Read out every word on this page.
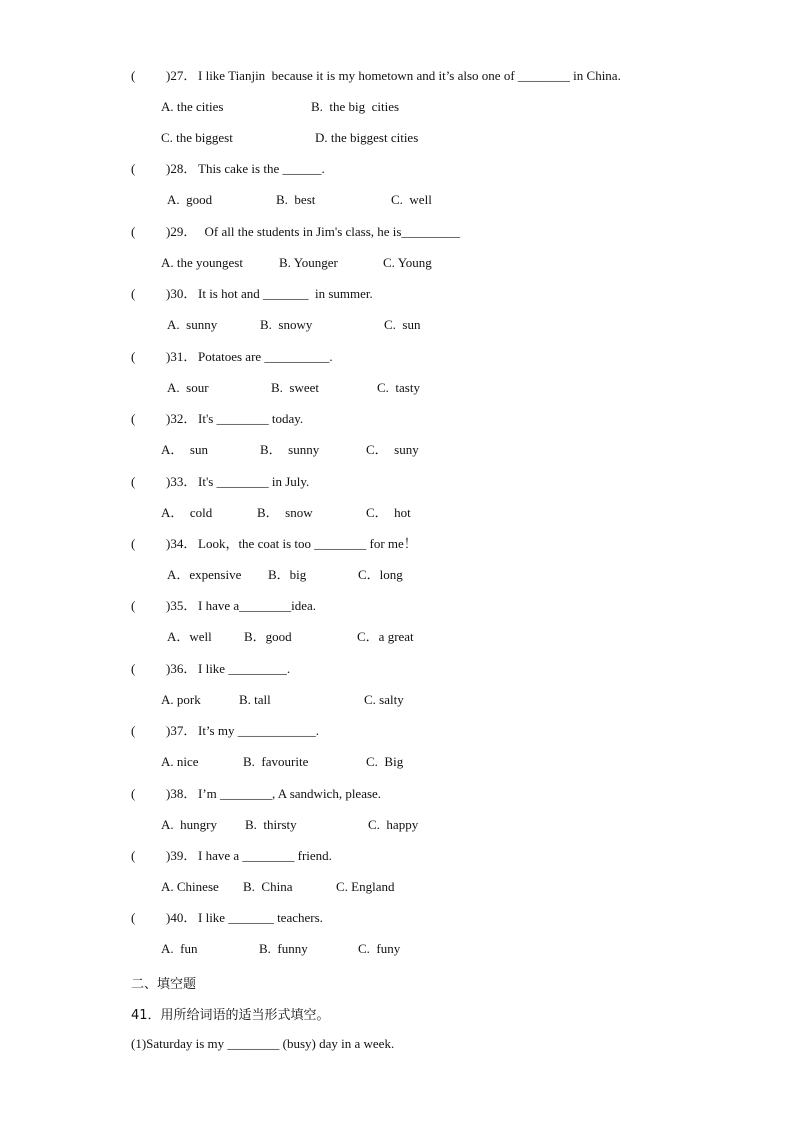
( )27． I like Tianjin  because it is my hometown and it’s also one of ________ in China.
A. the cities	B.  the big  cities
C. the biggest	D. the biggest cities
( )28． This cake is the ______.
A.  good	B.  best	C.  well
( )29． Of all the students in Jim's class, he is_________
A. the youngest	B. Younger	C. Young
( )30． It is hot and _______  in summer.
A.  sunny	B.  snowy	C.  sun
( )31． Potatoes are __________.
A.  sour	B.  sweet	C.  tasty
( )32． It's ________ today.
A．  sun	B．  sunny	C．  suny
( )33． It's ________ in July.
A．  cold	B．  snow	C．  hot
( )34． Look，the coat is too ________ for me！
A．expensive B．big	C．long
( )35． I have a________idea.
A．well B．good	C．a great
( )36． I like _________.
A. pork	B. tall	C. salty
( )37． It’s my ____________.
A. nice	B.  favourite	C.  Big
( )38． I’m ________, A sandwich, please.
A.  hungry B.  thirsty	C.  happy
( )39． I have a ________ friend.
A. Chinese B.  China	C. England
( )40． I like _______ teachers.
A.  fun	B.  funny	C.  funy
二、填空题
41．用所给词语的适当形式填空。
(1)Saturday is my ________ (busy) day in a week.
